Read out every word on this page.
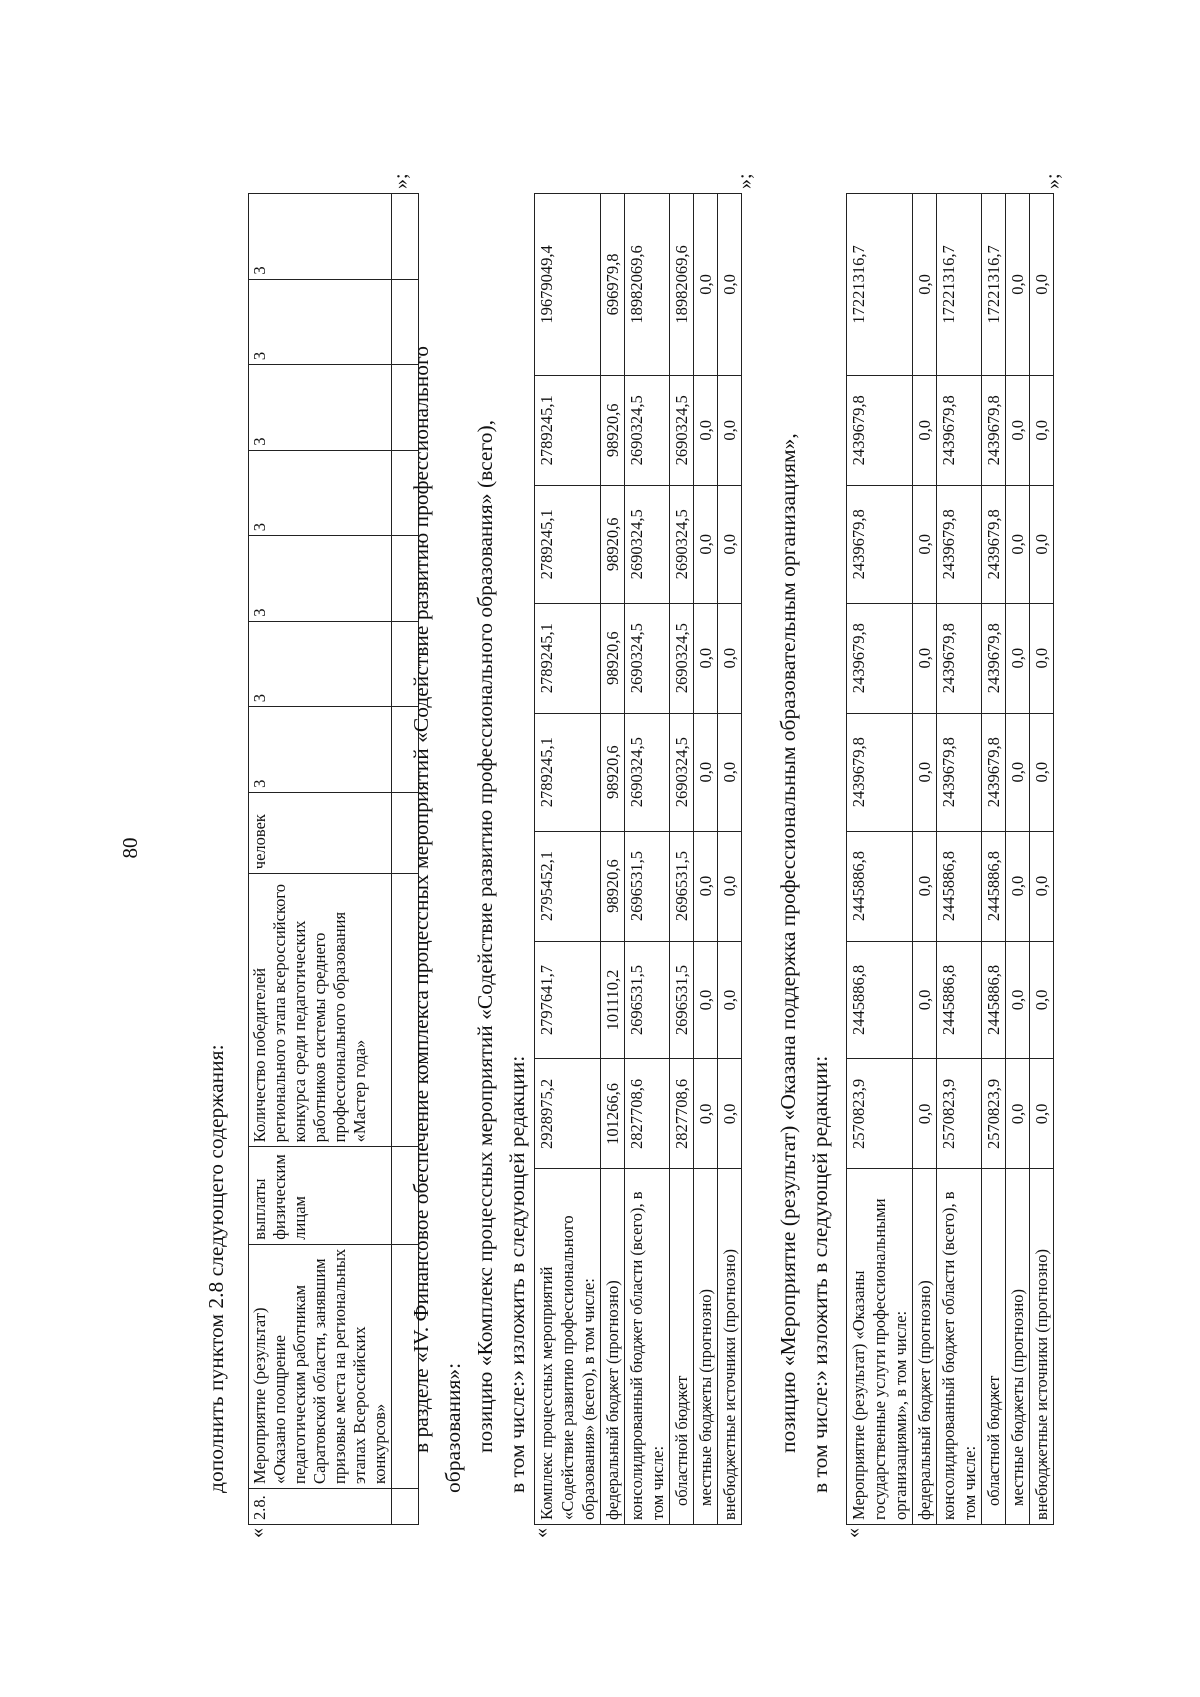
80
дополнить пунктом 2.8 следующего содержания:
«
2.8.	Мероприятие (результат) «Оказано поощрение педагогическим работникам Саратовской области, занявшим призовые места на региональных этапах Всероссийских конкурсов»	выплаты физическим лицам	Количество победителей регионального этапа всероссийского конкурса среди педагогических работников системы среднего профессионального образования «Мастер года»	человек	3	3	3	3	3	3	3

»;
в разделе «IV. Финансовое обеспечение комплекса процессных мероприятий «Содействие развитию профессионального образования»: позицию «Комплекс процессных мероприятий «Содействие развитию профессионального образования» (всего), в том числе:» изложить в следующей редакции:
«
Комплекс процессных мероприятий «Содействие развитию профессионального образования» (всего), в том числе:	2928975,2	2797641,7	2795452,1	2789245,1	2789245,1	2789245,1	2789245,1	19679049,4
федеральный бюджет (прогнозно)	101266,6	101110,2	98920,6	98920,6	98920,6	98920,6	98920,6	696979,8
консолидированный бюджет области (всего), в том числе:	2827708,6	2696531,5	2696531,5	2690324,5	2690324,5	2690324,5	2690324,5	18982069,6
областной бюджет	2827708,6	2696531,5	2696531,5	2690324,5	2690324,5	2690324,5	2690324,5	18982069,6
местные бюджеты (прогнозно)	0,0	0,0	0,0	0,0	0,0	0,0	0,0	0,0
внебюджетные источники (прогнозно)	0,0	0,0	0,0	0,0	0,0	0,0	0,0	0,0
»;
позицию «Мероприятие (результат) «Оказана поддержка профессиональным образовательным организациям», в том числе:» изложить в следующей редакции:
«
Мероприятие (результат) «Оказаны государственные услуги профессиональными организациями», в том числе:	2570823,9	2445886,8	2445886,8	2439679,8	2439679,8	2439679,8	2439679,8	17221316,7
федеральный бюджет (прогнозно)	0,0	0,0	0,0	0,0	0,0	0,0	0,0	0,0
консолидированный бюджет области (всего), в том числе:	2570823,9	2445886,8	2445886,8	2439679,8	2439679,8	2439679,8	2439679,8	17221316,7
областной бюджет	2570823,9	2445886,8	2445886,8	2439679,8	2439679,8	2439679,8	2439679,8	17221316,7
местные бюджеты (прогнозно)	0,0	0,0	0,0	0,0	0,0	0,0	0,0	0,0
внебюджетные источники (прогнозно)	0,0	0,0	0,0	0,0	0,0	0,0	0,0	0,0
»;
